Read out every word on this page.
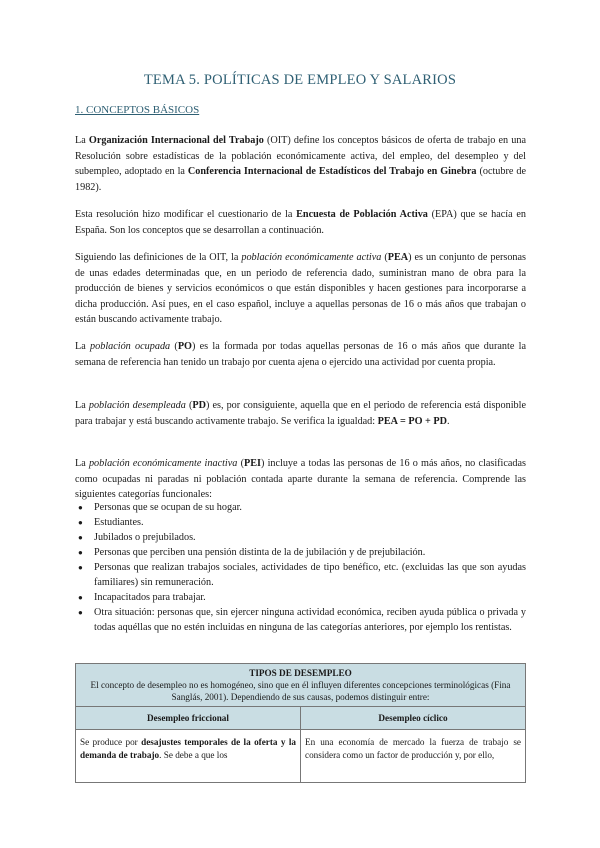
TEMA 5. POLÍTICAS DE EMPLEO Y SALARIOS
1. CONCEPTOS BÁSICOS

La Organización Internacional del Trabajo (OIT) define los conceptos básicos de oferta de trabajo en una Resolución sobre estadísticas de la población económicamente activa, del empleo, del desempleo y del subempleo, adoptado en la Conferencia Internacional de Estadísticos del Trabajo en Ginebra (octubre de 1982).

Esta resolución hizo modificar el cuestionario de la Encuesta de Población Activa (EPA) que se hacía en España. Son los conceptos que se desarrollan a continuación.

Siguiendo las definiciones de la OIT, la población económicamente activa (PEA) es un conjunto de personas de unas edades determinadas que, en un periodo de referencia dado, suministran mano de obra para la producción de bienes y servicios económicos o que están disponibles y hacen gestiones para incorporarse a dicha producción. Así pues, en el caso español, incluye a aquellas personas de 16 o más años que trabajan o están buscando activamente trabajo.

La población ocupada (PO) es la formada por todas aquellas personas de 16 o más años que durante la semana de referencia han tenido un trabajo por cuenta ajena o ejercido una actividad por cuenta propia.

La población desempleada (PD) es, por consiguiente, aquella que en el periodo de referencia está disponible para trabajar y está buscando activamente trabajo. Se verifica la igualdad: PEA = PO + PD.

La población económicamente inactiva (PEI) incluye a todas las personas de 16 o más años, no clasificadas como ocupadas ni paradas ni población contada aparte durante la semana de referencia. Comprende las siguientes categorías funcionales:

● Personas que se ocupan de su hogar.
● Estudiantes.
● Jubilados o prejubilados.
● Personas que perciben una pensión distinta de la de jubilación y de prejubilación.
● Personas que realizan trabajos sociales, actividades de tipo benéfico, etc. (excluidas las que son ayudas familiares) sin remuneración.
● Incapacitados para trabajar.
● Otra situación: personas que, sin ejercer ninguna actividad económica, reciben ayuda pública o privada y todas aquéllas que no estén incluidas en ninguna de las categorías anteriores, por ejemplo los rentistas.
TIPOS DE DESEMPLEO
El concepto de desempleo no es homogéneo, sino que en él influyen diferentes concepciones terminológicas (Fina Sanglás, 2001). Dependiendo de sus causas, podemos distinguir entre:	

Desempleo friccional	Desempleo cíclico
Se produce por desajustes temporales de la oferta y la demanda de trabajo. Se debe a que los	En una economía de mercado la fuerza de trabajo se considera como un factor de producción y, por ello,
